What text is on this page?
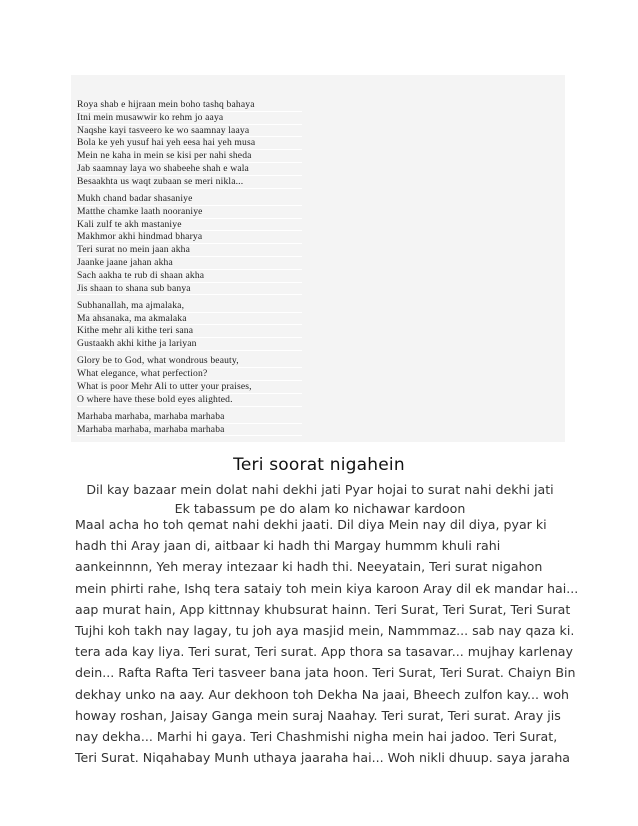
Roya shab e hijraan mein boho tashq bahaya
Itni mein musawwir ko rehm jo aaya
Naqshe kayi tasveero ke wo saamnay laaya
Bola ke yeh yusuf hai yeh eesa hai yeh musa
Mein ne kaha in mein se kisi per nahi sheda
Jab saamnay laya wo shabeehe shah e wala
Besaakhta us waqt zubaan se meri nikla...
Mukh chand badar shasaniye
Matthe chamke laath nooraniye
Kali zulf te akh mastaniye
Makhmor akhi hindmad bharya
Teri surat no mein jaan akha
Jaanke jaane jahan akha
Sach aakha te rub di shaan akha
Jis shaan to shana sub banya
Subhanallah, ma ajmalaka,
Ma ahsanaka, ma akmalaka
Kithe mehr ali kithe teri sana
Gustaakh akhi kithe ja lariyan
Glory be to God, what wondrous beauty,
What elegance, what perfection?
What is poor Mehr Ali to utter your praises,
O where have these bold eyes alighted.
Marhaba marhaba, marhaba marhaba
Marhaba marhaba, marhaba marhaba
Teri soorat nigahein
Dil kay bazaar mein dolat nahi dekhi jati Pyar hojai to surat nahi dekhi jati Ek tabassum pe do alam ko nichawar kardoon
Maal acha ho toh qemat nahi dekhi jaati. Dil diya Mein nay dil diya, pyar ki
hadh thi Aray jaan di, aitbaar ki hadh thi Margay hummm khuli rahi
aankeinnnn, Yeh meray intezaar ki hadh thi. Neeyatain, Teri surat nigahon
mein phirti rahe, Ishq tera sataiy toh mein kiya karoon Aray dil ek mandar hai...
aap murat hain, App kittnnay khubsurat hainn. Teri Surat, Teri Surat, Teri Surat
Tujhi koh takh nay lagay, tu joh aya masjid mein, Nammmaz... sab nay qaza ki.
tera ada kay liya. Teri surat, Teri surat. App thora sa tasavar... mujhay karlenay
dein... Rafta Rafta Teri tasveer bana jata hoon. Teri Surat, Teri Surat. Chaiyn Bin
dekhay unko na aay. Aur dekhoon toh Dekha Na jaai, Bheech zulfon kay... woh
howay roshan, Jaisay Ganga mein suraj Naahay. Teri surat, Teri surat. Aray jis
nay dekha... Marhi hi gaya. Teri Chashmishi nigha mein hai jadoo. Teri Surat,
Teri Surat. Niqahabay Munh uthaya jaaraha hai... Woh nikli dhuup. saya jaraha
